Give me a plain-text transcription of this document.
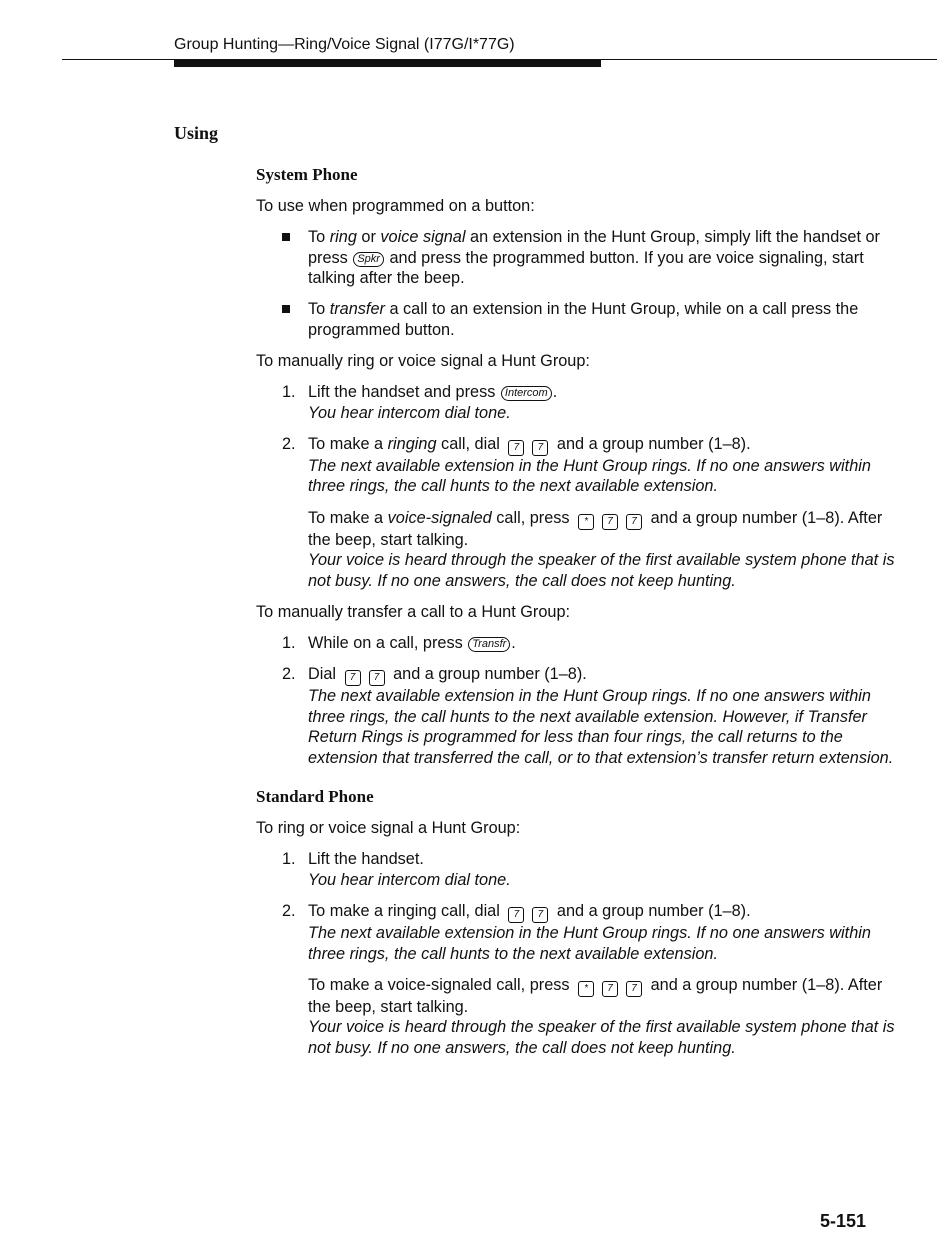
Group Hunting—Ring/Voice Signal (I77G/I*77G)
Using
System Phone
To use when programmed on a button:
To ring or voice signal an extension in the Hunt Group, simply lift the handset or press Spkr and press the programmed button. If you are voice signaling, start talking after the beep.
To transfer a call to an extension in the Hunt Group, while on a call press the programmed button.
To manually ring or voice signal a Hunt Group:
1. Lift the handset and press Intercom .
You hear intercom dial tone.
2. To make a ringing call, dial 7 7 and a group number (1–8).
The next available extension in the Hunt Group rings. If no one answers within three rings, the call hunts to the next available extension.
To make a voice-signaled call, press * 7 7 and a group number (1–8). After the beep, start talking.
Your voice is heard through the speaker of the first available system phone that is not busy. If no one answers, the call does not keep hunting.
To manually transfer a call to a Hunt Group:
1. While on a call, press Transfr .
2. Dial 7 7 and a group number (1–8).
The next available extension in the Hunt Group rings. If no one answers within three rings, the call hunts to the next available extension. However, if Transfer Return Rings is programmed for less than four rings, the call returns to the extension that transferred the call, or to that extension’s transfer return extension.
Standard Phone
To ring or voice signal a Hunt Group:
1. Lift the handset.
You hear intercom dial tone.
2. To make a ringing call, dial 7 7 and a group number (1–8).
The next available extension in the Hunt Group rings. If no one answers within three rings, the call hunts to the next available extension.
To make a voice-signaled call, press * 7 7 and a group number (1–8). After the beep, start talking.
Your voice is heard through the speaker of the first available system phone that is not busy. If no one answers, the call does not keep hunting.
5-151
